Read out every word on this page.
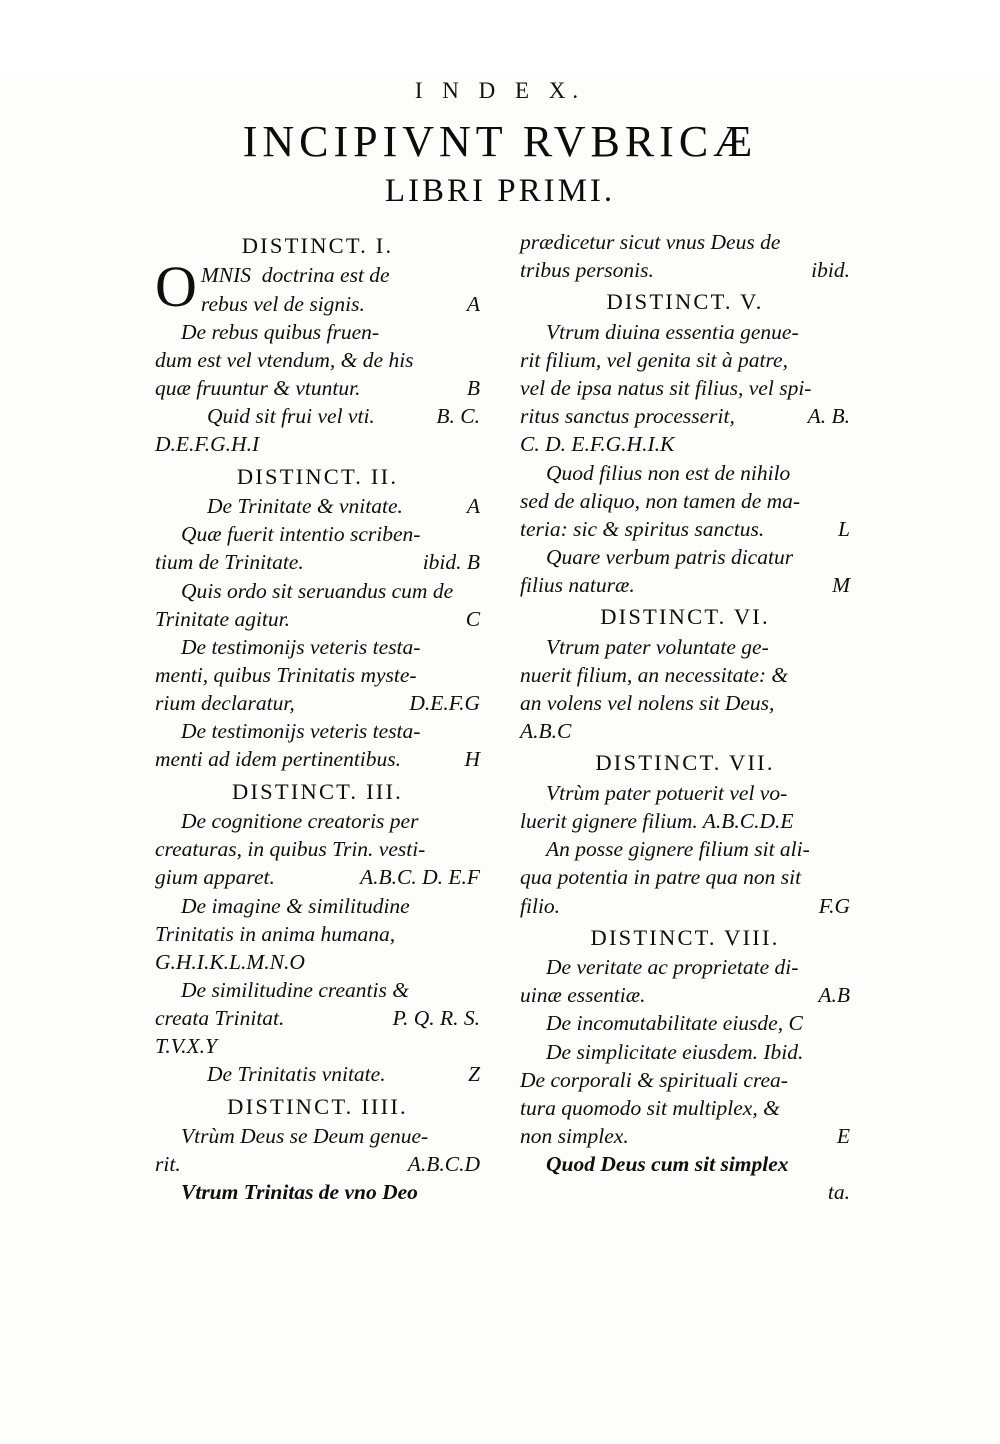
I N D E X.
INCIPIVNT RVBRICÆ
LIBRI PRIMI.
DISTINCT. I.
O MNIS  doctrina est de
rebus vel de signis.	A
De rebus quibus fruen-
dum est vel vtendum, & de his
quæ fruuntur & vtuntur.	B
Quid sit frui vel vti.	B. C.
D.E.F.G.H.I
DISTINCT. II.
De Trinitate & vnitate.	A
Quæ fuerit intentio scriben-
tium de Trinitate.	ibid. B
Quis ordo sit seruandus cum de
Trinitate agitur.	C
De testimonijs veteris testa-
menti, quibus Trinitatis myste-
rium declaratur,	D.E.F.G
De testimonijs veteris testa-
menti ad idem pertinentibus.	H
DISTINCT. III.
De cognitione creatoris per
creaturas, in quibus Trin. vesti-
gium apparet.	A.B.C. D. E.F
De imagine & similitudine
Trinitatis in anima humana,
G.H.I.K.L.M.N.O
De similitudine creantis &
creata Trinitat.	P. Q. R. S.
T.V.X.Y
De Trinitatis vnitate.	Z
DISTINCT. IIII.
Vtrùm Deus se Deum genue-
rit.	A.B.C.D
Vtrum Trinitas de vno Deo
prædicetur sicut vnus Deus de
tribus personis.	ibid.
DISTINCT. V.
Vtrum diuina essentia genue-
rit filium, vel genita sit à patre,
vel de ipsa natus sit filius, vel spi-
ritus sanctus processerit,	A. B.
C. D. E.F.G.H.I.K
Quod filius non est de nihilo
sed de aliquo, non tamen de ma-
teria: sic & spiritus sanctus.	L
Quare verbum patris dicatur
filius naturæ.	M
DISTINCT. VI.
Vtrum pater voluntate ge-
nuerit filium, an necessitate: &
an volens vel nolens sit Deus,
A.B.C
DISTINCT. VII.
Vtrùm pater potuerit vel vo-
luerit gignere filium. A.B.C.D.E
An posse gignere filium sit ali-
qua potentia in patre qua non sit
filio.	F.G
DISTINCT. VIII.
De veritate ac proprietate di-
uinæ essentiæ.	A.B
De incomutabilitate eiusde, C
De simplicitate eiusdem. Ibid.
De corporali & spirituali crea-
tura quomodo sit multiplex, &
non simplex.	E
Quod Deus cum sit simplex
ta.
